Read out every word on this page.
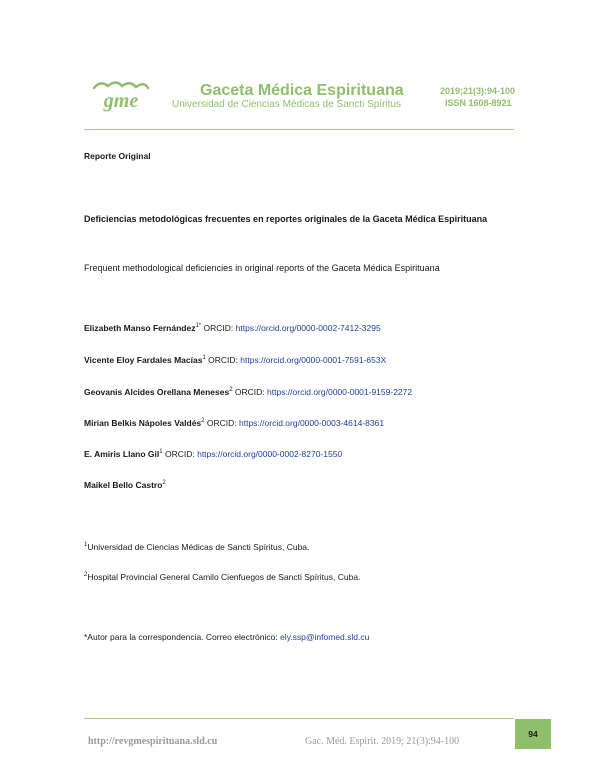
gme	Gaceta Médica Espirituana
Universidad de Ciencias Médicas de Sancti Spíritus
2019;21(3):94-100
ISSN 1608-8921
Reporte Original
Deficiencias metodológicas frecuentes en reportes originales de la Gaceta Médica Espirituana
Frequent methodological deficiencies in original reports of the Gaceta Médica Espirituana
Elizabeth Manso Fernández$^{1*}$ ORCID: https://orcid.org/0000-0002-7412-3295
Vicente Eloy Fardales Macías$^1$ ORCID: https://orcid.org/0000-0001-7591-653X
Geovanis Alcides Orellana Meneses$^2$ ORCID: https://orcid.org/0000-0001-9159-2272
Mirian Belkis Nápoles Valdés$^2$ ORCID: https://orcid.org/0000-0003-4614-8361
E. Amiris Llano Gil$^1$ ORCID: https://orcid.org/0000-0002-8270-1550
Maikel Bello Castro$^2$
$^1$Universidad de Ciencias Médicas de Sancti Spíritus, Cuba.
$^2$Hospital Provincial General Camilo Cienfuegos de Sancti Spíritus, Cuba.
*Autor para la correspondencia. Correo electrónico: ely.ssp@infomed.sld.cu
http://revgmespirituana.sld.cu	Gac. Méd. Espirit. 2019; 21(3):94-100
94
